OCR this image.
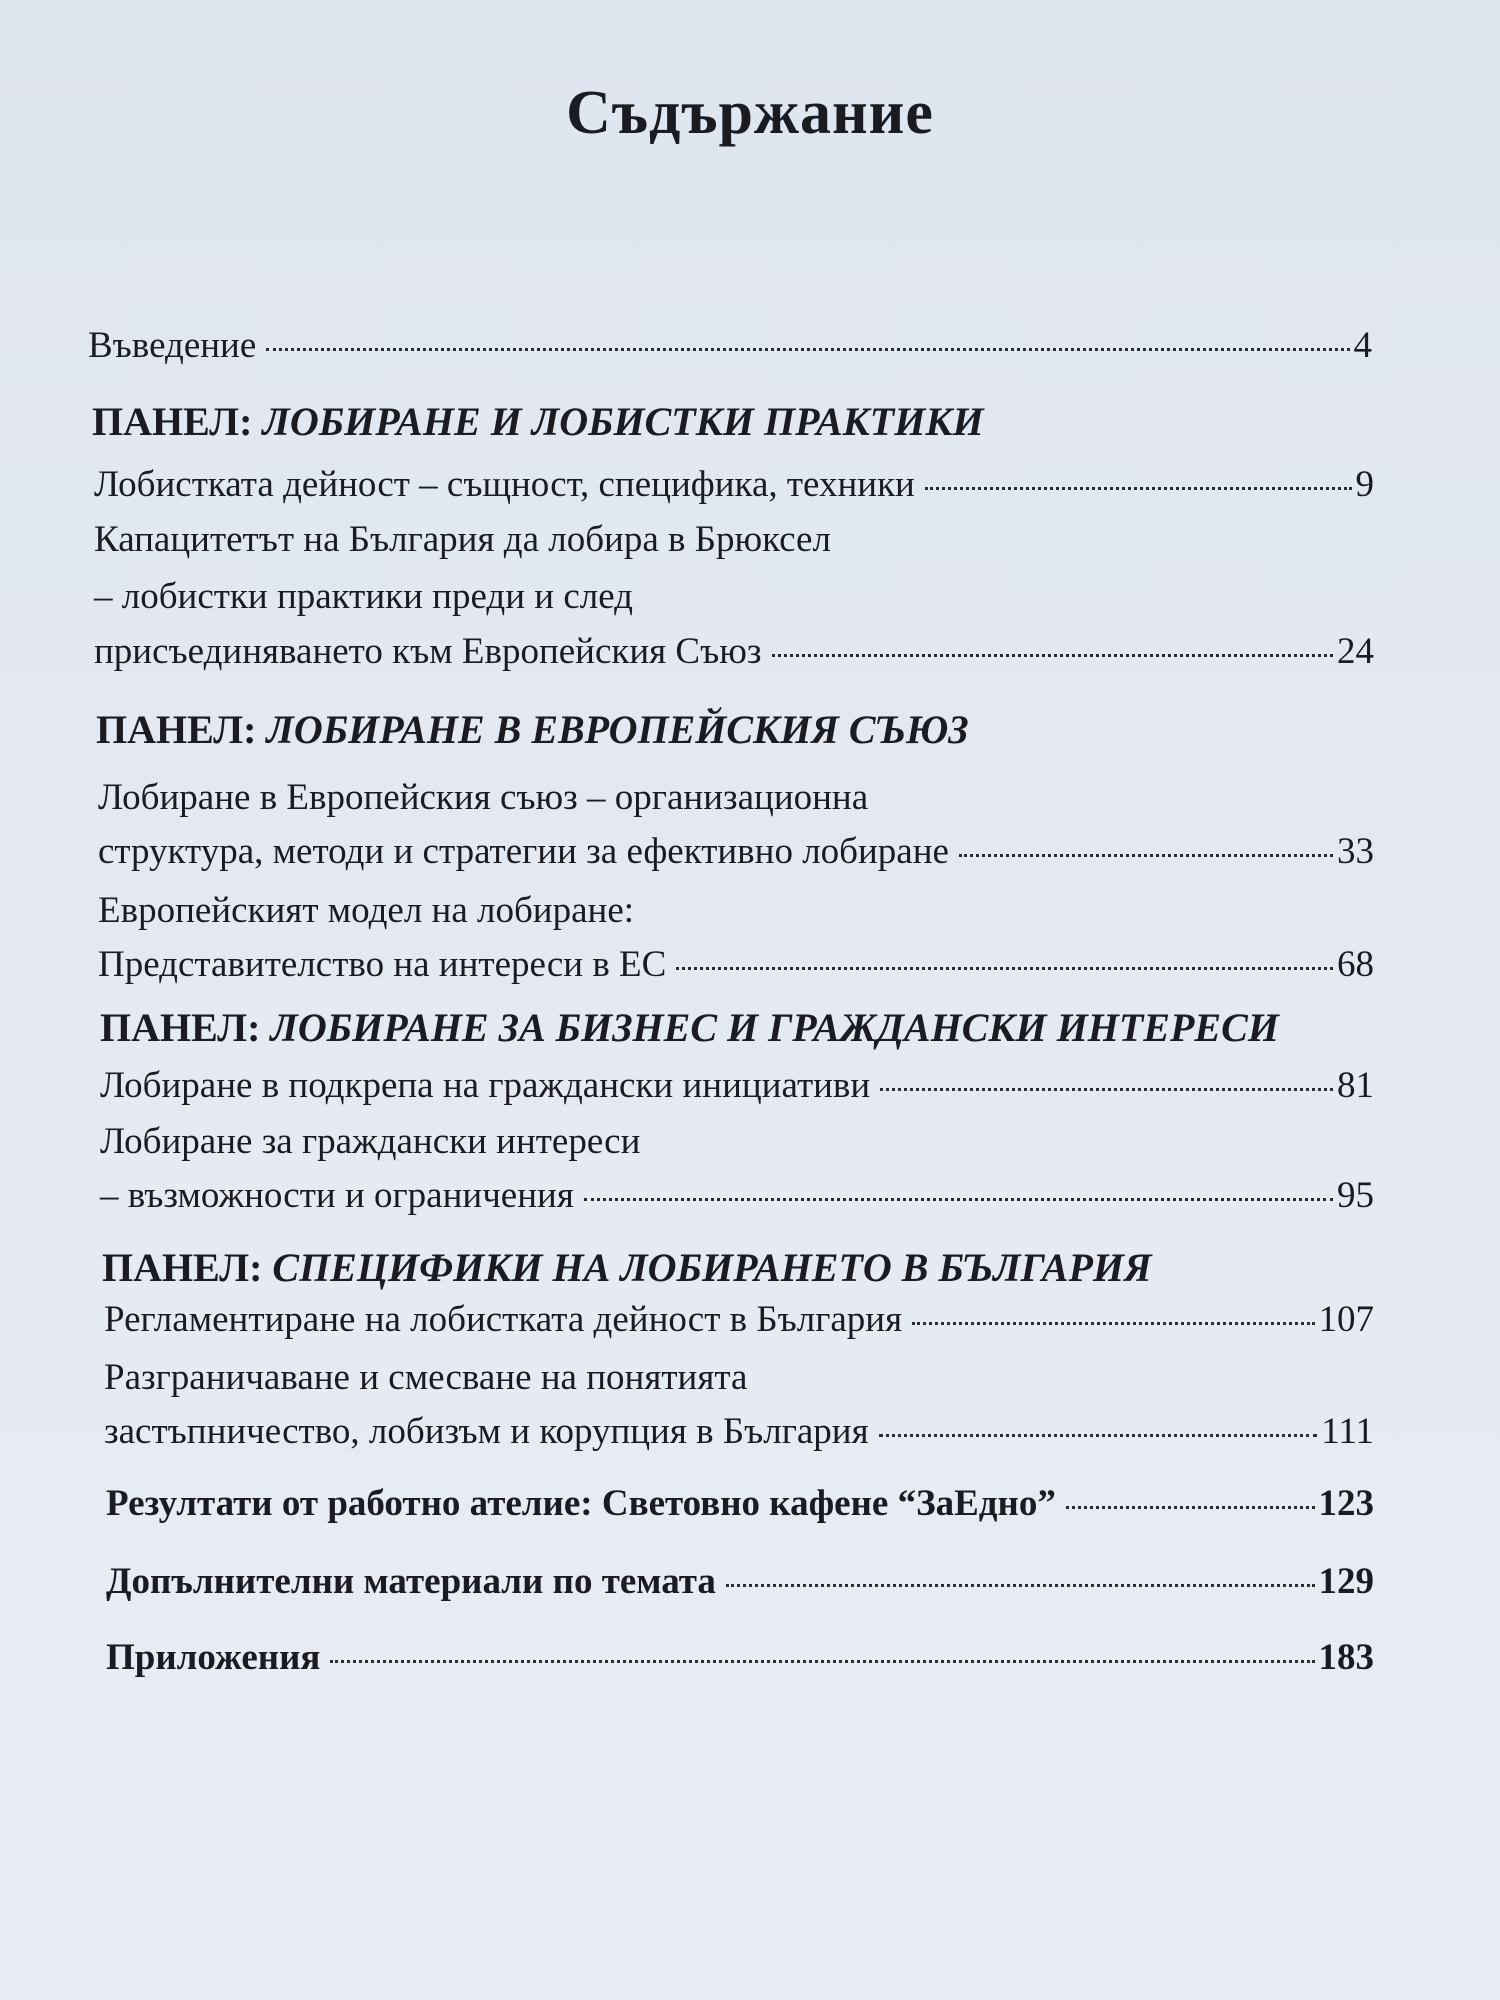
Съдържание
Въведение	4
ПАНЕЛ: ЛОБИРАНЕ И ЛОБИСТКИ ПРАКТИКИ
Лобистката дейност – същност, специфика, техники	9
Капацитетът на България да лобира в Брюксел
– лобистки практики преди и след
присъединяването към Европейския Съюз	24
ПАНЕЛ: ЛОБИРАНЕ В ЕВРОПЕЙСКИЯ СЪЮЗ
Лобиране в Европейския съюз – организационна
структура, методи и стратегии за ефективно лобиране	33
Европейският модел на лобиране:
Представителство на интереси в ЕС	68
ПАНЕЛ: ЛОБИРАНЕ ЗА БИЗНЕС И ГРАЖДАНСКИ ИНТЕРЕСИ
Лобиране в подкрепа на граждански инициативи	81
Лобиране за граждански интереси
– възможности и ограничения	95
ПАНЕЛ: СПЕЦИФИКИ НА ЛОБИРАНЕТО В БЪЛГАРИЯ
Регламентиране на лобистката дейност в България	107
Разграничаване и смесване на понятията
застъпничество, лобизъм и корупция в България	111
Резултати от работно ателие: Световно кафене “ЗаЕдно”	123
Допълнителни материали по темата	129
Приложения	183
